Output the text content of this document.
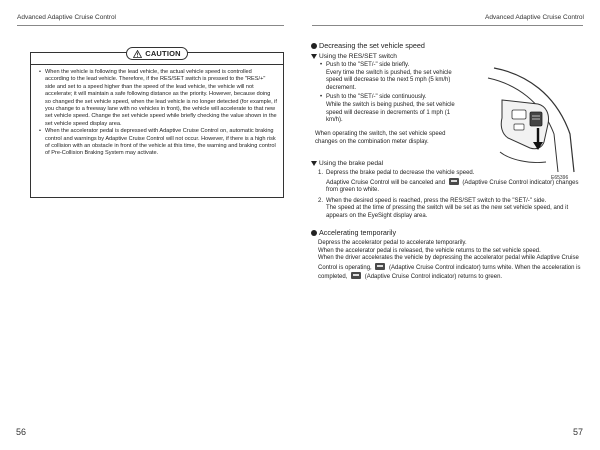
Advanced Adaptive Cruise Control	Advanced Adaptive Cruise Control
CAUTION
• When the vehicle is following the lead vehicle, the actual vehicle speed is controlled according to the lead vehicle. Therefore, if the RES/SET switch is pressed to the "RES/+" side and set to a speed higher than the speed of the lead vehicle, the vehicle will not accelerate; it will maintain a safe following distance as the priority. However, because doing so changed the set vehicle speed, when the lead vehicle is no longer detected (for example, if you change to a freeway lane with no vehicles in front), the vehicle will accelerate to that new set vehicle speed. Change the set vehicle speed while briefly checking the value shown in the set vehicle speed display area.
• When the accelerator pedal is depressed with Adaptive Cruise Control on, automatic braking control and warnings by Adaptive Cruise Control will not occur. However, if there is a high risk of collision with an obstacle in front of the vehicle at this time, the warning and braking control of Pre-Collision Braking System may activate.
Decreasing the set vehicle speed
Using the RES/SET switch
• Push to the "SET/-" side briefly.
Every time the switch is pushed, the set vehicle speed will decrease to the next 5 mph (5 km/h) decrement.
• Push to the "SET/-" side continuously.
While the switch is being pushed, the set vehicle speed will decrease in decrements of 1 mph (1 km/h).
When operating the switch, the set vehicle speed changes on the combination meter display.
E65396
Using the brake pedal
1. Depress the brake pedal to decrease the vehicle speed.
Adaptive Cruise Control will be canceled and	(Adaptive Cruise Control indicator) changes from green to white.
2. When the desired speed is reached, press the RES/SET switch to the "SET/-" side.
The speed at the time of pressing the switch will be set as the new set vehicle speed, and it appears on the EyeSight display area.
Accelerating temporarily
Depress the accelerator pedal to accelerate temporarily.
When the accelerator pedal is released, the vehicle returns to the set vehicle speed.
When the driver accelerates the vehicle by depressing the accelerator pedal while Adaptive Cruise Control is operating,	(Adaptive Cruise Control indicator) turns white. When the acceleration is completed,	(Adaptive Cruise Control indicator) returns to green.
56	57
